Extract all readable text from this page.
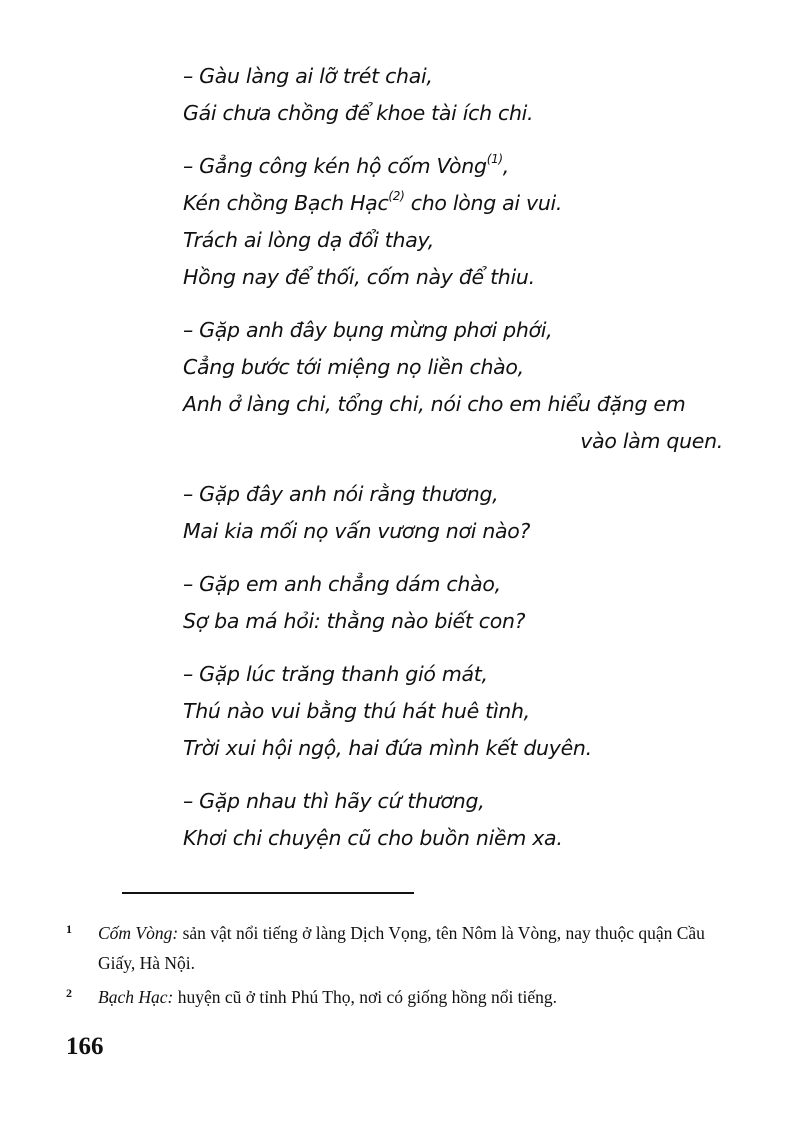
– Gàu làng ai lỡ trét chai,
Gái chưa chồng để khoe tài ích chi.
– Gẳng công kén hộ cốm Vòng$^{(1)}$,
Kén chồng Bạch Hạc$^{(2)}$ cho lòng ai vui.
Trách ai lòng dạ đổi thay,
Hồng nay để thối, cốm này để thiu.
– Gặp anh đây bụng mừng phơi phới,
Cẳng bước tới miệng nọ liền chào,
Anh ở làng chi, tổng chi, nói cho em hiểu đặng em
vào làm quen.
– Gặp đây anh nói rằng thương,
Mai kia mối nọ vấn vương nơi nào?
– Gặp em anh chẳng dám chào,
Sợ ba má hỏi: thằng nào biết con?
– Gặp lúc trăng thanh gió mát,
Thú nào vui bằng thú hát huê tình,
Trời xui hội ngộ, hai đứa mình kết duyên.
– Gặp nhau thì hãy cứ thương,
Khơi chi chuyện cũ cho buồn niềm xa.
1 Cốm Vòng: sản vật nổi tiếng ở làng Dịch Vọng, tên Nôm là Vòng, nay thuộc quận Cầu Giấy, Hà Nội.
2 Bạch Hạc: huyện cũ ở tỉnh Phú Thọ, nơi có giống hồng nổi tiếng.
166
